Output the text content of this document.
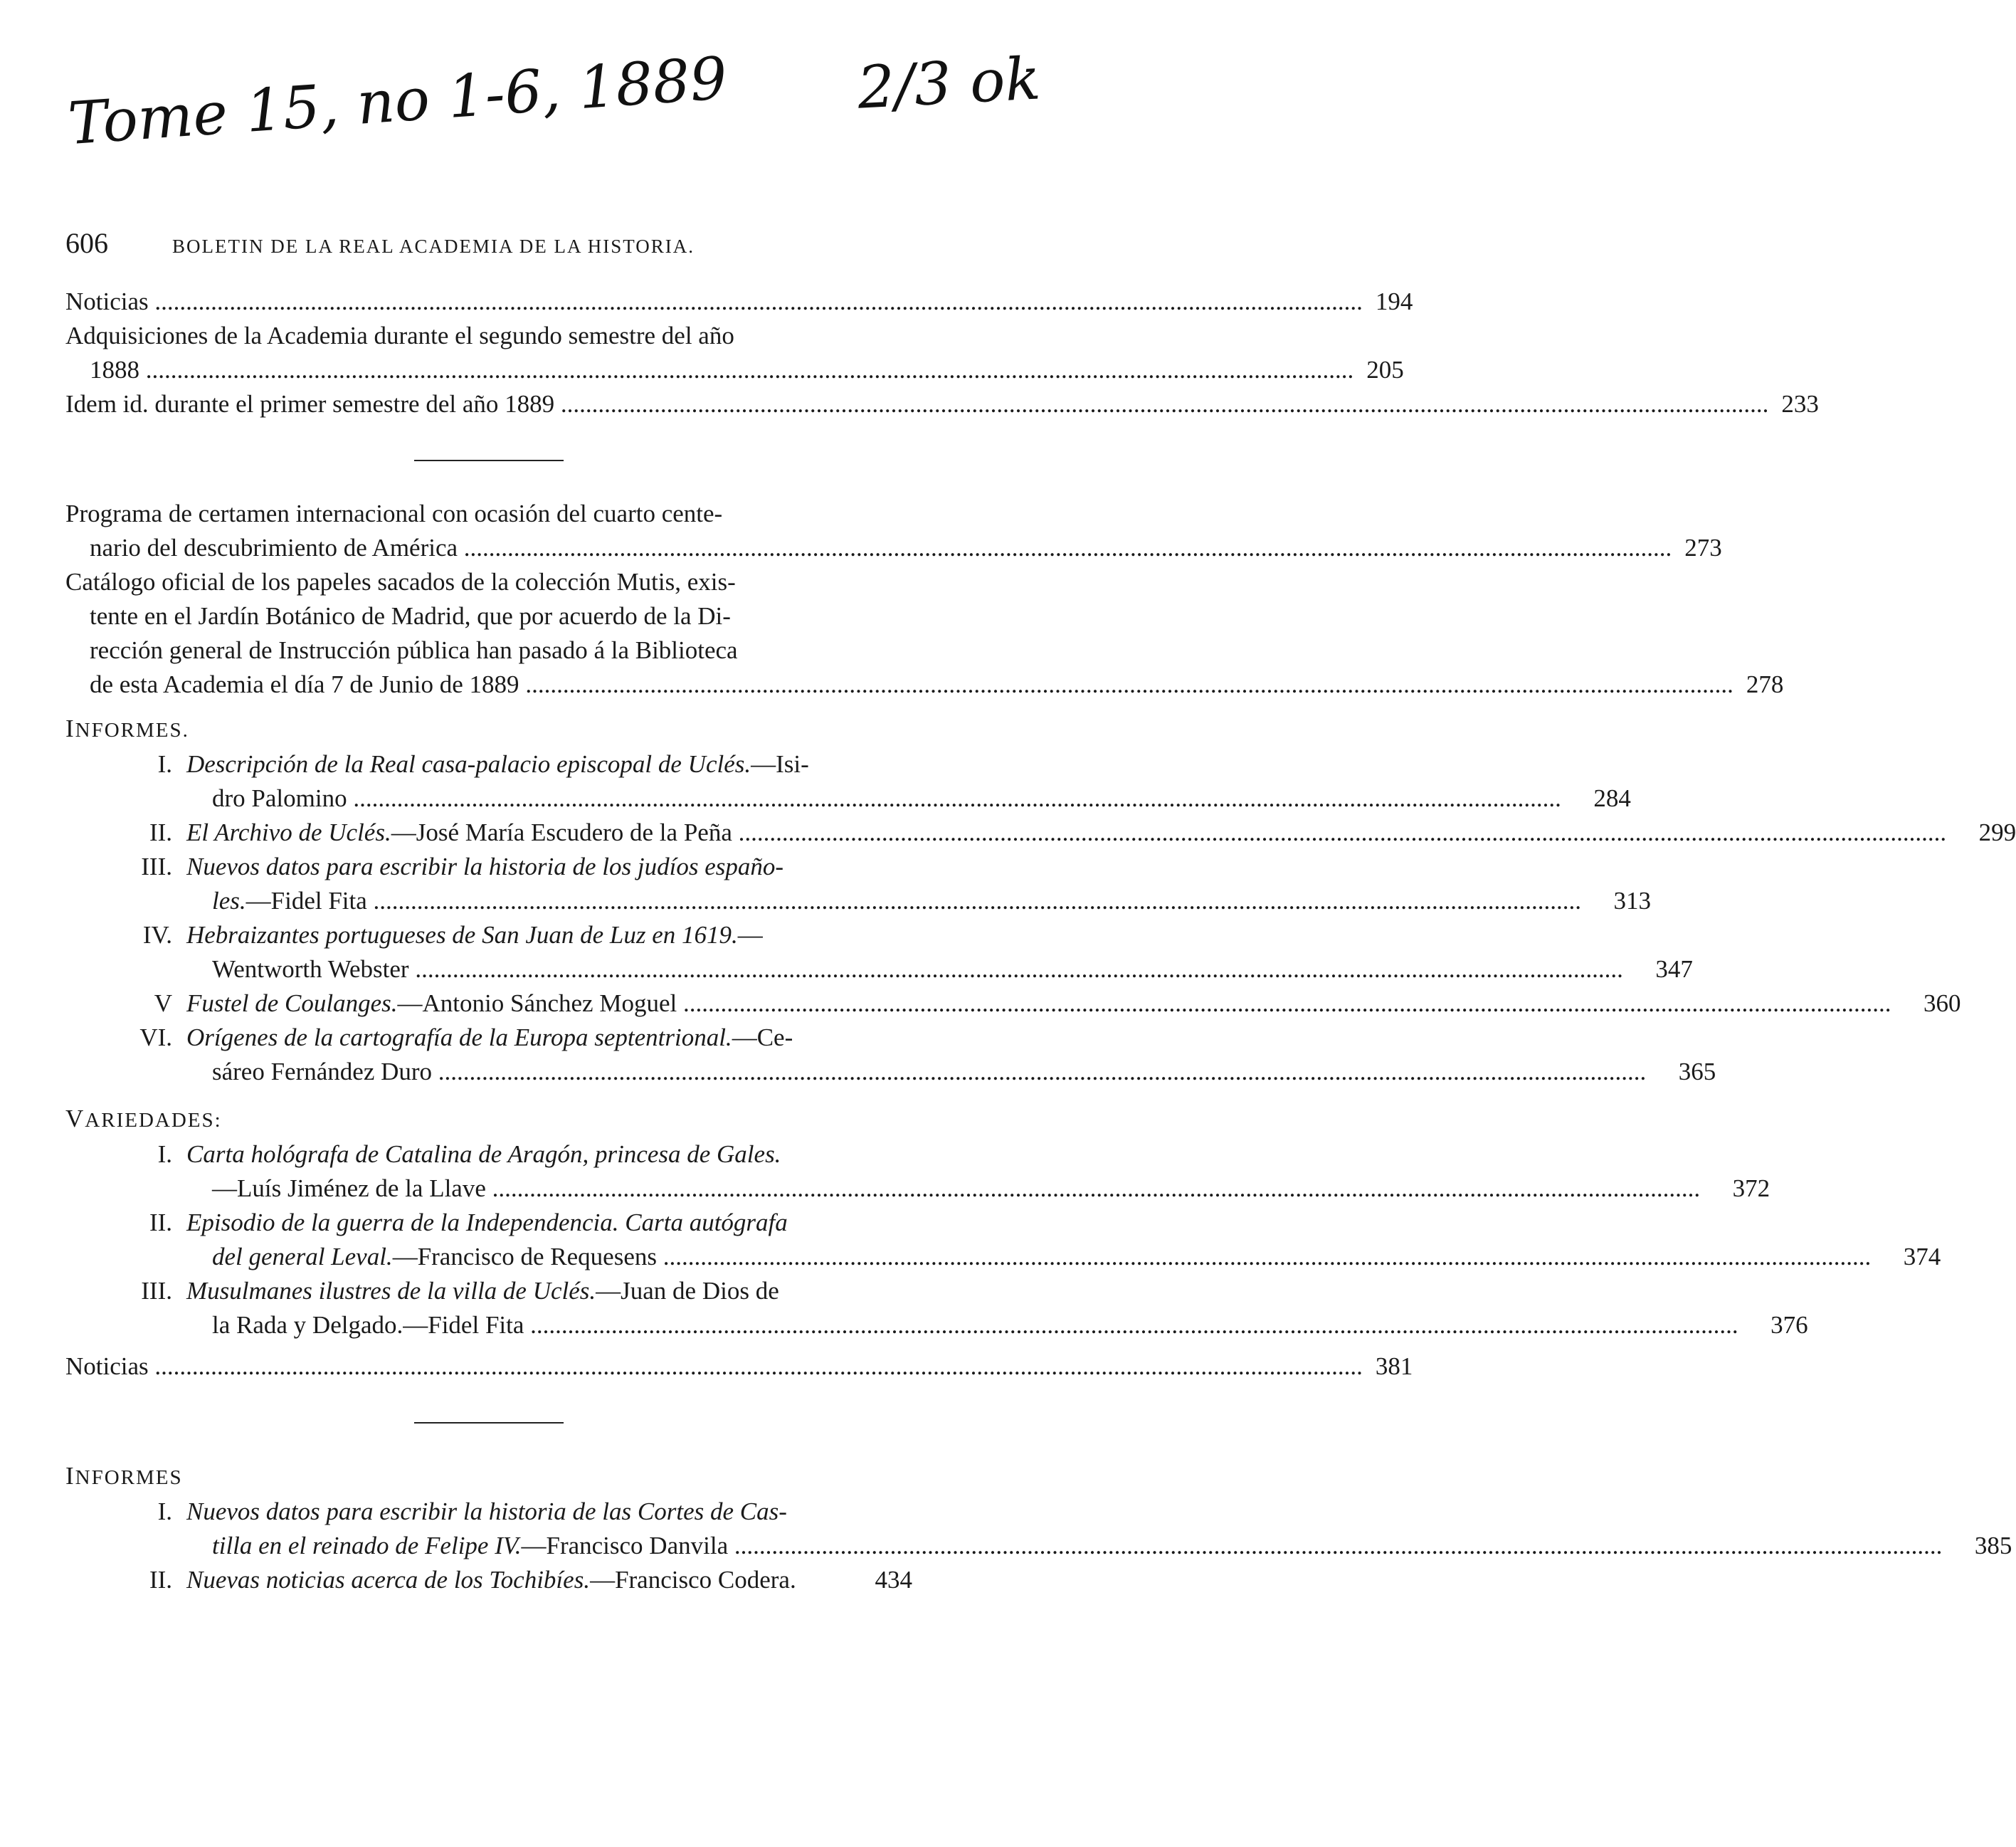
Tome 15, no 1-6, 1889 2/3 ok
606	BOLETIN DE LA REAL ACADEMIA DE LA HISTORIA.
Noticias .....	194
Adquisiciones de la Academia durante el segundo semestre del año
1888 .....	205
Idem id. durante el primer semestre del año 1889 .....	233
Programa de certamen internacional con ocasión del cuarto cente-
nario del descubrimiento de América .....	273
Catálogo oficial de los papeles sacados de la colección Mutis, exis-
tente en el Jardín Botánico de Madrid, que por acuerdo de la Di-
rección general de Instrucción pública han pasado á la Biblioteca
de esta Academia el día 7 de Junio de 1889 .....	278
INFORMES.
I. Descripción de la Real casa-palacio episcopal de Uclés.—Isi-
dro Palomino .....	284
II. El Archivo de Uclés.—José María Escudero de la Peña .....	299
III. Nuevos datos para escribir la historia de los judíos españo-
les.—Fidel Fita .....	313
IV. Hebraizantes portugueses de San Juan de Luz en 1619.—
Wentworth Webster .....	347
V Fustel de Coulanges.—Antonio Sánchez Moguel .....	360
VI. Orígenes de la cartografía de la Europa septentrional.—Ce-
sáreo Fernández Duro .....	365
VARIEDADES:
I. Carta hológrafa de Catalina de Aragón, princesa de Gales.
—Luís Jiménez de la Llave .....	372
II. Episodio de la guerra de la Independencia. Carta autógrafa
del general Leval.—Francisco de Requesens .....	374
III. Musulmanes ilustres de la villa de Uclés.—Juan de Dios de
la Rada y Delgado.—Fidel Fita .....	376
Noticias .....	381
INFORMES
I. Nuevos datos para escribir la historia de las Cortes de Cas-
tilla en el reinado de Felipe IV.—Francisco Danvila .....	385
II. Nuevas noticias acerca de los Tochibíes.—Francisco Codera.	434
